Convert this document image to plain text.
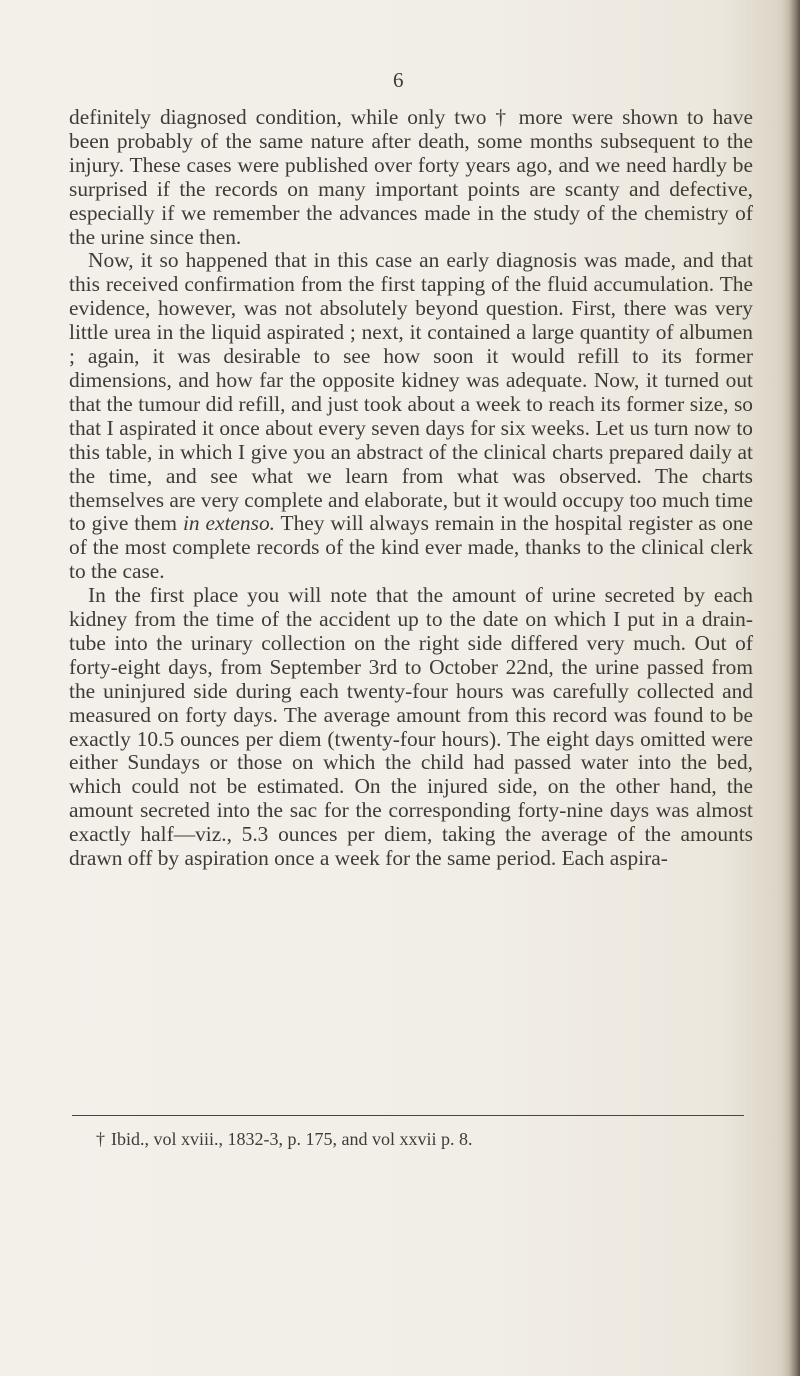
6

definitely diagnosed condition, while only two † more were shown to have been probably of the same nature after death, some months subsequent to the injury. These cases were published over forty years ago, and we need hardly be surprised if the records on many important points are scanty and defective, especially if we remember the advances made in the study of the chemistry of the urine since then.

Now, it so happened that in this case an early diagnosis was made, and that this received confirmation from the first tapping of the fluid accumulation. The evidence, however, was not absolutely beyond question. First, there was very little urea in the liquid aspirated ; next, it contained a large quantity of albumen ; again, it was desirable to see how soon it would refill to its former dimensions, and how far the opposite kidney was adequate. Now, it turned out that the tumour did refill, and just took about a week to reach its former size, so that I aspirated it once about every seven days for six weeks. Let us turn now to this table, in which I give you an abstract of the clinical charts prepared daily at the time, and see what we learn from what was observed. The charts themselves are very complete and elaborate, but it would occupy too much time to give them in extenso. They will always remain in the hospital register as one of the most complete records of the kind ever made, thanks to the clinical clerk to the case.

In the first place you will note that the amount of urine secreted by each kidney from the time of the accident up to the date on which I put in a drain-tube into the urinary collection on the right side differed very much. Out of forty-eight days, from September 3rd to October 22nd, the urine passed from the uninjured side during each twenty-four hours was carefully collected and measured on forty days. The average amount from this record was found to be exactly 10.5 ounces per diem (twenty-four hours). The eight days omitted were either Sundays or those on which the child had passed water into the bed, which could not be estimated. On the injured side, on the other hand, the amount secreted into the sac for the corresponding forty-nine days was almost exactly half—viz., 5.3 ounces per diem, taking the average of the amounts drawn off by aspiration once a week for the same period. Each aspira-

† Ibid., vol xviii., 1832-3, p. 175, and vol xxvii p. 8.
